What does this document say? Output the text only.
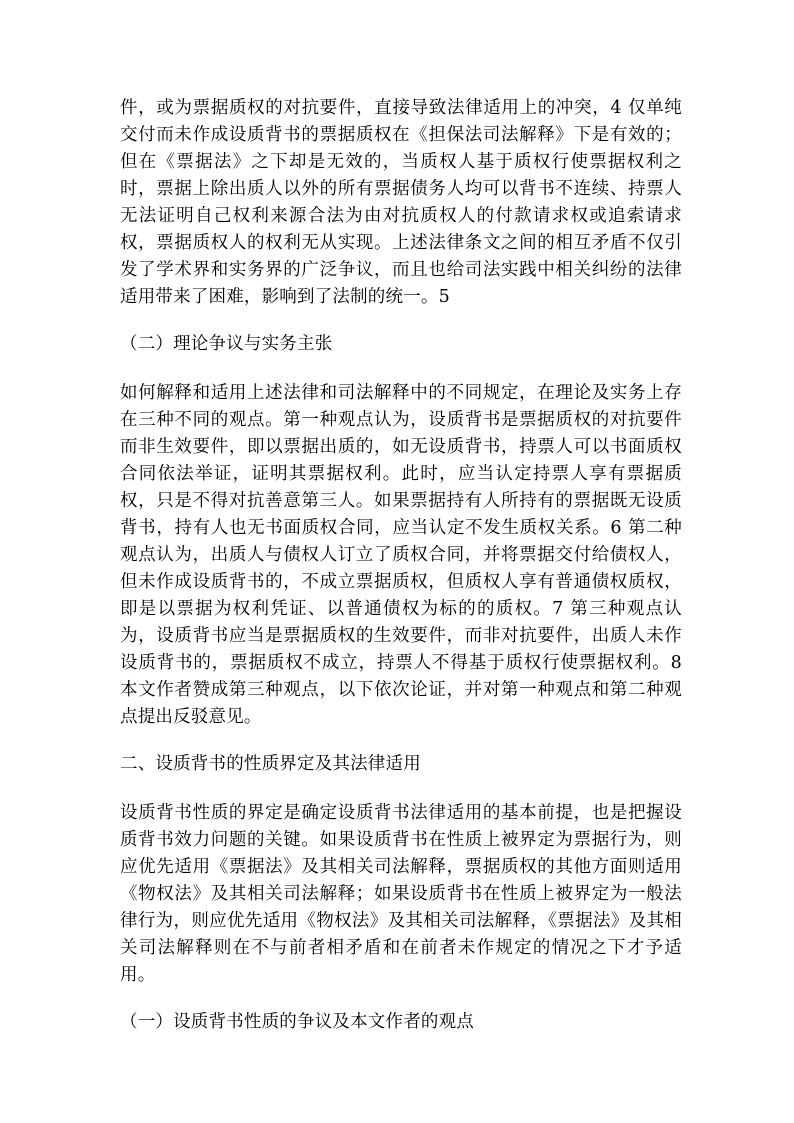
件，或为票据质权的对抗要件，直接导致法律适用上的冲突，4 仅单纯交付而未作成设质背书的票据质权在《担保法司法解释》下是有效的；但在《票据法》之下却是无效的，当质权人基于质权行使票据权利之时，票据上除出质人以外的所有票据债务人均可以背书不连续、持票人无法证明自己权利来源合法为由对抗质权人的付款请求权或追索请求权，票据质权人的权利无从实现。上述法律条文之间的相互矛盾不仅引发了学术界和实务界的广泛争议，而且也给司法实践中相关纠纷的法律适用带来了困难，影响到了法制的统一。5

（二）理论争议与实务主张

如何解释和适用上述法律和司法解释中的不同规定，在理论及实务上存在三种不同的观点。第一种观点认为，设质背书是票据质权的对抗要件而非生效要件，即以票据出质的，如无设质背书，持票人可以书面质权合同依法举证，证明其票据权利。此时，应当认定持票人享有票据质权，只是不得对抗善意第三人。如果票据持有人所持有的票据既无设质背书，持有人也无书面质权合同，应当认定不发生质权关系。6 第二种观点认为，出质人与债权人订立了质权合同，并将票据交付给债权人，但未作成设质背书的，不成立票据质权，但质权人享有普通债权质权，即是以票据为权利凭证、以普通债权为标的的质权。7 第三种观点认为，设质背书应当是票据质权的生效要件，而非对抗要件，出质人未作设质背书的，票据质权不成立，持票人不得基于质权行使票据权利。8 本文作者赞成第三种观点，以下依次论证，并对第一种观点和第二种观点提出反驳意见。

二、设质背书的性质界定及其法律适用

设质背书性质的界定是确定设质背书法律适用的基本前提，也是把握设质背书效力问题的关键。如果设质背书在性质上被界定为票据行为，则应优先适用《票据法》及其相关司法解释，票据质权的其他方面则适用《物权法》及其相关司法解释；如果设质背书在性质上被界定为一般法律行为，则应优先适用《物权法》及其相关司法解释，《票据法》及其相关司法解释则在不与前者相矛盾和在前者未作规定的情况之下才予适用。

（一）设质背书性质的争议及本文作者的观点
